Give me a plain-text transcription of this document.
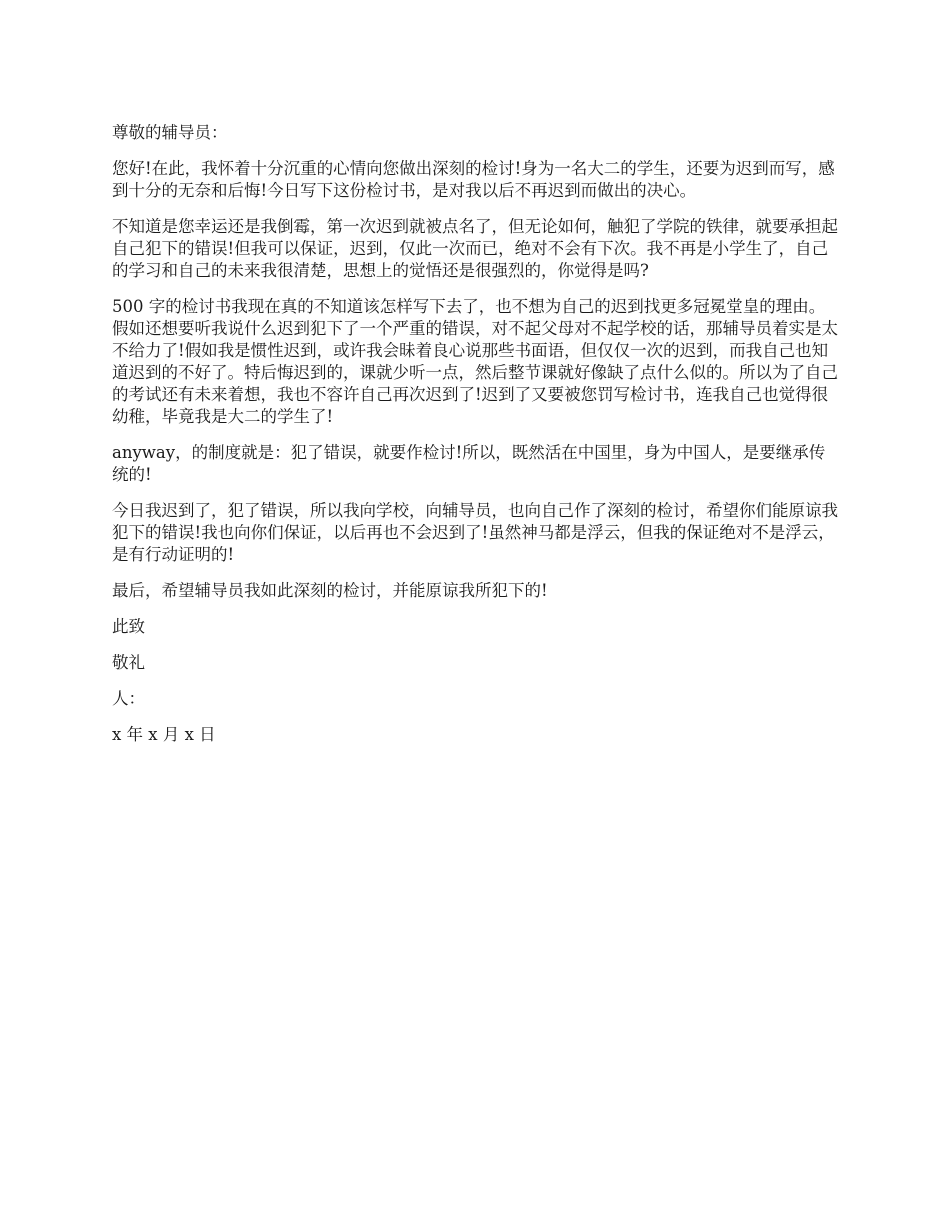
尊敬的辅导员：

您好!在此，我怀着十分沉重的心情向您做出深刻的检讨!身为一名大二的学生，还要为迟到而写，感到十分的无奈和后悔!今日写下这份检讨书，是对我以后不再迟到而做出的决心。

不知道是您幸运还是我倒霉，第一次迟到就被点名了，但无论如何，触犯了学院的铁律，就要承担起自己犯下的错误!但我可以保证，迟到，仅此一次而已，绝对不会有下次。我不再是小学生了，自己的学习和自己的未来我很清楚，思想上的觉悟还是很强烈的，你觉得是吗?

500 字的检讨书我现在真的不知道该怎样写下去了，也不想为自己的迟到找更多冠冕堂皇的理由。假如还想要听我说什么迟到犯下了一个严重的错误，对不起父母对不起学校的话，那辅导员着实是太不给力了!假如我是惯性迟到，或许我会昧着良心说那些书面语，但仅仅一次的迟到，而我自己也知道迟到的不好了。特后悔迟到的，课就少听一点，然后整节课就好像缺了点什么似的。所以为了自己的考试还有未来着想，我也不容许自己再次迟到了!迟到了又要被您罚写检讨书，连我自己也觉得很幼稚，毕竟我是大二的学生了!

anyway，的制度就是：犯了错误，就要作检讨!所以，既然活在中国里，身为中国人，是要继承传统的!

今日我迟到了，犯了错误，所以我向学校，向辅导员，也向自己作了深刻的检讨，希望你们能原谅我犯下的错误!我也向你们保证，以后再也不会迟到了!虽然神马都是浮云，但我的保证绝对不是浮云，是有行动证明的!

最后，希望辅导员我如此深刻的检讨，并能原谅我所犯下的!

此致

敬礼

人：

x 年 x 月 x 日
